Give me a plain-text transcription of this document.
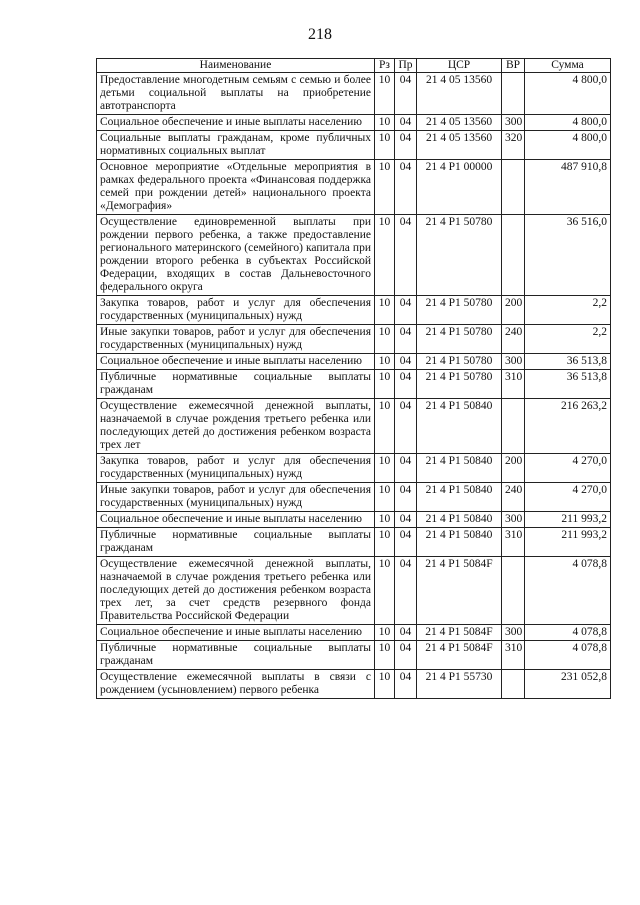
218
Наименование	Рз	Пр	ЦСР	ВР	Сумма
Предоставление многодетным семьям с семью и более детьми социальной выплаты на приобретение автотранспорта	10	04	21 4 05 13560		4 800,0
Социальное обеспечение и иные выплаты населению	10	04	21 4 05 13560	300	4 800,0
Социальные выплаты гражданам, кроме публичных нормативных социальных выплат	10	04	21 4 05 13560	320	4 800,0
Основное мероприятие «Отдельные мероприятия в рамках федерального проекта «Финансовая поддержка семей при рождении детей» национального проекта «Демография»	10	04	21 4 P1 00000		487 910,8
Осуществление единовременной выплаты при рождении первого ребенка, а также предоставление регионального материнского (семейного) капитала при рождении второго ребенка в субъектах Российской Федерации, входящих в состав Дальневосточного федерального округа	10	04	21 4 P1 50780		36 516,0
Закупка товаров, работ и услуг для обеспечения государственных (муниципальных) нужд	10	04	21 4 P1 50780	200	2,2
Иные закупки товаров, работ и услуг для обеспечения государственных (муниципальных) нужд	10	04	21 4 P1 50780	240	2,2
Социальное обеспечение и иные выплаты населению	10	04	21 4 P1 50780	300	36 513,8
Публичные нормативные социальные выплаты гражданам	10	04	21 4 P1 50780	310	36 513,8
Осуществление ежемесячной денежной выплаты, назначаемой в случае рождения третьего ребенка или последующих детей до достижения ребенком возраста трех лет	10	04	21 4 P1 50840		216 263,2
Закупка товаров, работ и услуг для обеспечения государственных (муниципальных) нужд	10	04	21 4 P1 50840	200	4 270,0
Иные закупки товаров, работ и услуг для обеспечения государственных (муниципальных) нужд	10	04	21 4 P1 50840	240	4 270,0
Социальное обеспечение и иные выплаты населению	10	04	21 4 P1 50840	300	211 993,2
Публичные нормативные социальные выплаты гражданам	10	04	21 4 P1 50840	310	211 993,2
Осуществление ежемесячной денежной выплаты, назначаемой в случае рождения третьего ребенка или последующих детей до достижения ребенком возраста трех лет, за счет средств резервного фонда Правительства Российской Федерации	10	04	21 4 P1 5084F		4 078,8
Социальное обеспечение и иные выплаты населению	10	04	21 4 P1 5084F	300	4 078,8
Публичные нормативные социальные выплаты гражданам	10	04	21 4 P1 5084F	310	4 078,8
Осуществление ежемесячной выплаты в связи с рождением (усыновлением) первого ребенка	10	04	21 4 P1 55730		231 052,8
